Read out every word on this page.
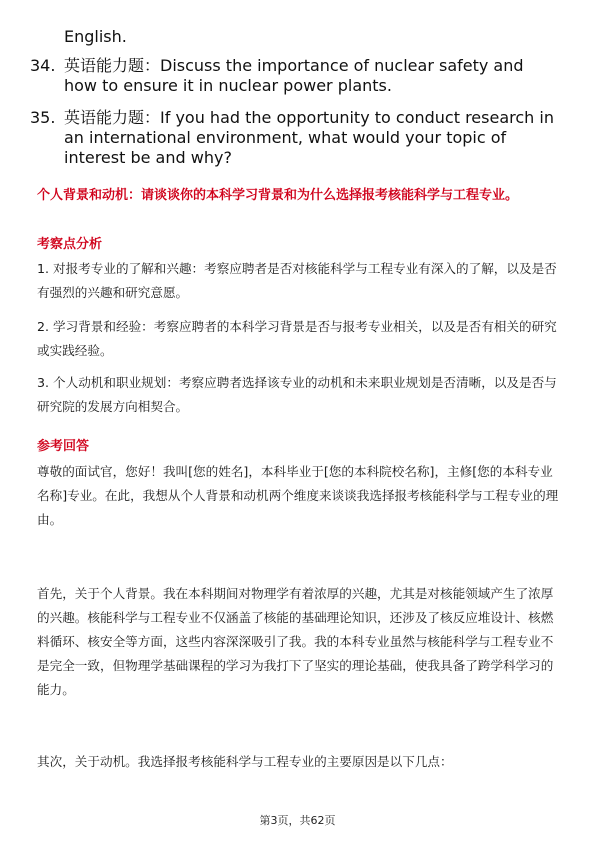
English.
34. 英语能力题：Discuss the importance of nuclear safety and how to ensure it in nuclear power plants.
35. 英语能力题：If you had the opportunity to conduct research in an international environment, what would your topic of interest be and why?
个人背景和动机：请谈谈你的本科学习背景和为什么选择报考核能科学与工程专业。
考察点分析
1. 对报考专业的了解和兴趣：考察应聘者是否对核能科学与工程专业有深入的了解，以及是否有强烈的兴趣和研究意愿。
2. 学习背景和经验：考察应聘者的本科学习背景是否与报考专业相关，以及是否有相关的研究或实践经验。
3. 个人动机和职业规划：考察应聘者选择该专业的动机和未来职业规划是否清晰，以及是否与研究院的发展方向相契合。
参考回答
尊敬的面试官，您好！我叫[您的姓名]，本科毕业于[您的本科院校名称]，主修[您的本科专业名称]专业。在此，我想从个人背景和动机两个维度来谈谈我选择报考核能科学与工程专业的理由。
首先，关于个人背景。我在本科期间对物理学有着浓厚的兴趣，尤其是对核能领域产生了浓厚的兴趣。核能科学与工程专业不仅涵盖了核能的基础理论知识，还涉及了核反应堆设计、核燃料循环、核安全等方面，这些内容深深吸引了我。我的本科专业虽然与核能科学与工程专业不是完全一致，但物理学基础课程的学习为我打下了坚实的理论基础，使我具备了跨学科学习的能力。
其次，关于动机。我选择报考核能科学与工程专业的主要原因是以下几点：
第3页，共62页
